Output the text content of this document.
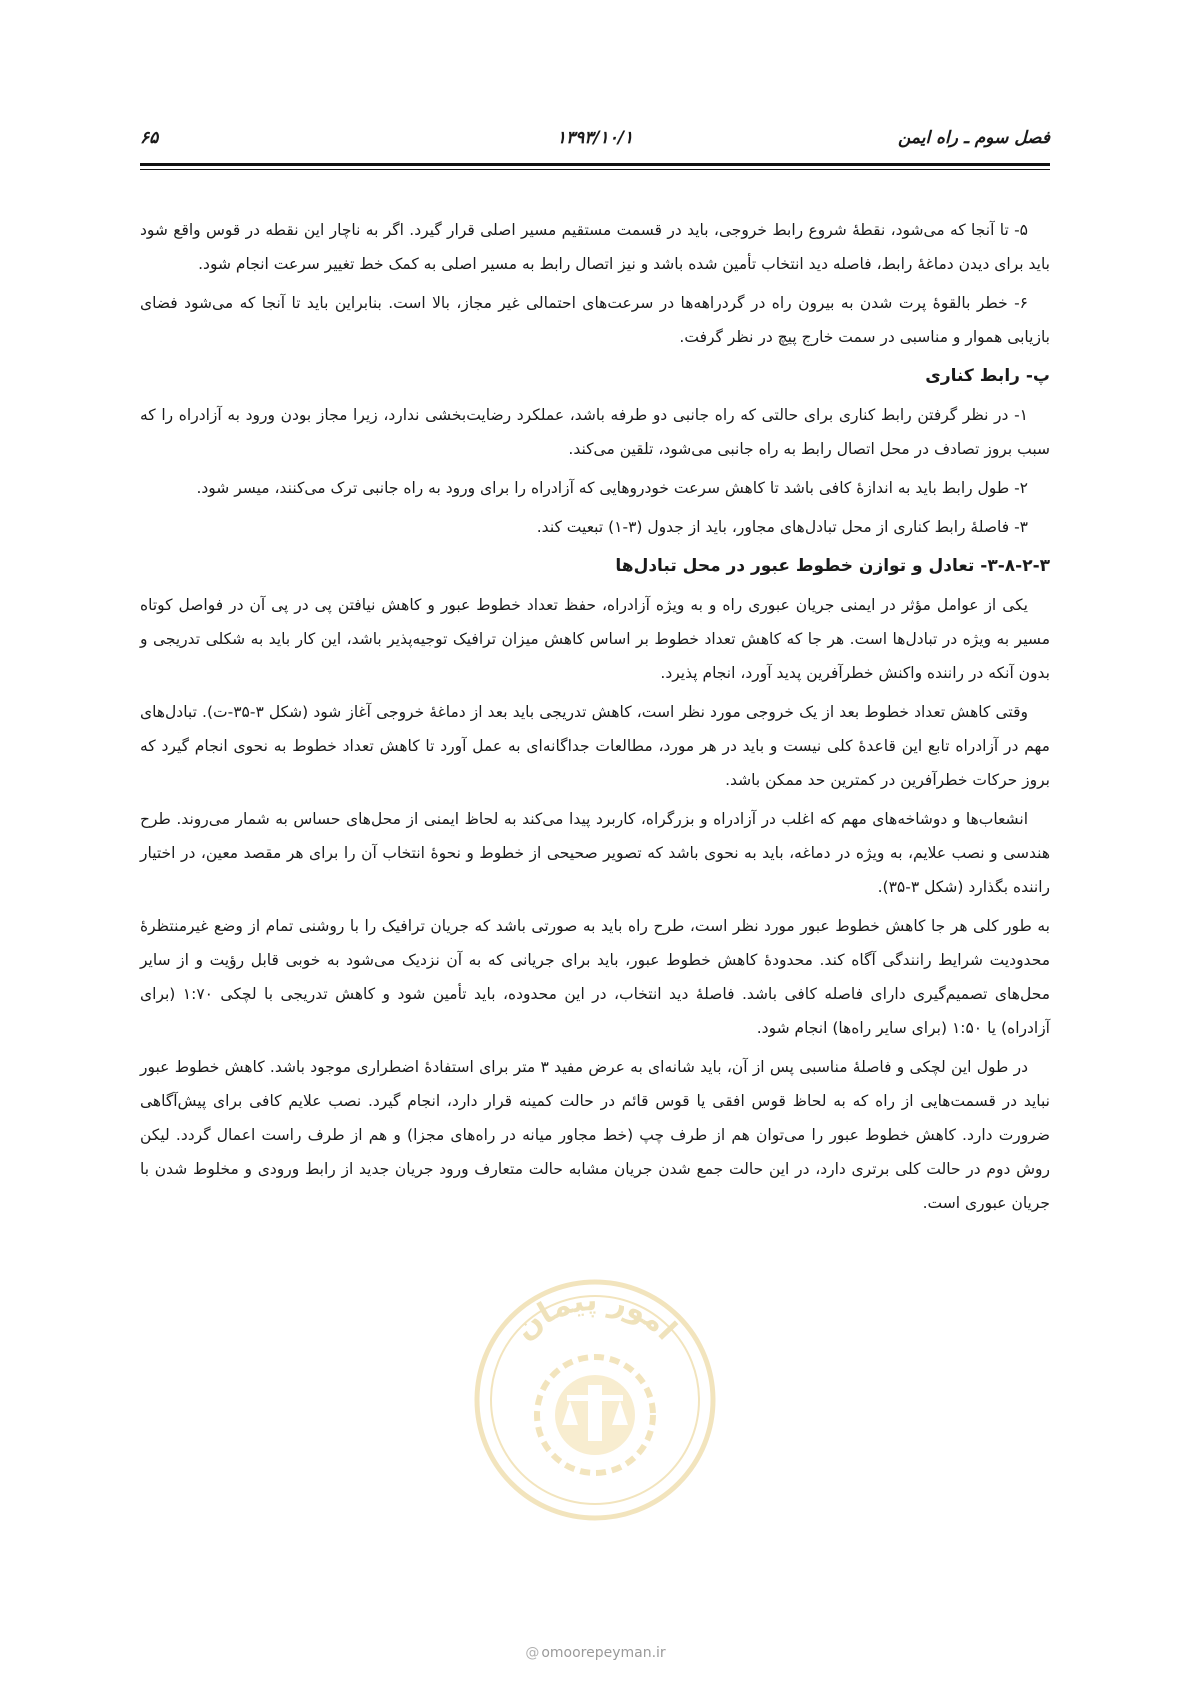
فصل سوم ـ راه ایمن
۱۳۹۳/۱۰/۱
۶۵

۵- تا آنجا که می‌شود، نقطهٔ شروع رابط خروجی، باید در قسمت مستقیم مسیر اصلی قرار گیرد. اگر به ناچار این نقطه در قوس واقع شود باید برای دیدن دماغهٔ رابط، فاصله دید انتخاب تأمین شده باشد و نیز اتصال رابط به مسیر اصلی به کمک خط تغییر سرعت انجام شود.

۶- خطر بالقوهٔ پرت شدن به بیرون راه در گردراهه‌ها در سرعت‌های احتمالی غیر مجاز، بالا است. بنابراین باید تا آنجا که می‌شود فضای بازیابی هموار و مناسبی در سمت خارج پیچ در نظر گرفت.

پ- رابط کناری

۱- در نظر گرفتن رابط کناری برای حالتی که راه جانبی دو طرفه باشد، عملکرد رضایت‌بخشی ندارد، زیرا مجاز بودن ورود به آزادراه را که سبب بروز تصادف در محل اتصال رابط به راه جانبی می‌شود، تلقین می‌کند.

۲- طول رابط باید به اندازهٔ کافی باشد تا کاهش سرعت خودروهایی که آزادراه را برای ورود به راه جانبی ترک می‌کنند، میسر شود.

۳- فاصلهٔ رابط کناری از محل تبادل‌های مجاور، باید از جدول (۳-۱) تبعیت کند.

۳-۸-۲-۳- تعادل و توازن خطوط عبور در محل تبادل‌ها

یکی از عوامل مؤثر در ایمنی جریان عبوری راه و به ویژه آزادراه، حفظ تعداد خطوط عبور و کاهش نیافتن پی در پی آن در فواصل کوتاه مسیر به ویژه در تبادل‌ها است. هر جا که کاهش تعداد خطوط بر اساس کاهش میزان ترافیک توجیه‌پذیر باشد، این کار باید به شکلی تدریجی و بدون آنکه در راننده واکنش خطرآفرین پدید آورد، انجام پذیرد.

وقتی کاهش تعداد خطوط بعد از یک خروجی مورد نظر است، کاهش تدریجی باید بعد از دماغهٔ خروجی آغاز شود (شکل ۳-۳۵-ت). تبادل‌های مهم در آزادراه تابع این قاعدهٔ کلی نیست و باید در هر مورد، مطالعات جداگانه‌ای به عمل آورد تا کاهش تعداد خطوط به نحوی انجام گیرد که بروز حرکات خطرآفرین در کمترین حد ممکن باشد.

انشعاب‌ها و دوشاخه‌های مهم که اغلب در آزادراه و بزرگراه، کاربرد پیدا می‌کند به لحاظ ایمنی از محل‌های حساس به شمار می‌روند. طرح هندسی و نصب علایم، به ویژه در دماغه، باید به نحوی باشد که تصویر صحیحی از خطوط و نحوهٔ انتخاب آن را برای هر مقصد معین، در اختیار راننده بگذارد (شکل ۳-۳۵).

به طور کلی هر جا کاهش خطوط عبور مورد نظر است، طرح راه باید به صورتی باشد که جریان ترافیک را با روشنی تمام از وضع غیرمنتظرهٔ محدودیت شرایط رانندگی آگاه کند. محدودهٔ کاهش خطوط عبور، باید برای جریانی که به آن نزدیک می‌شود به خوبی قابل رؤیت و از سایر محل‌های تصمیم‌گیری دارای فاصله کافی باشد. فاصلهٔ دید انتخاب، در این محدوده، باید تأمین شود و کاهش تدریجی با لچکی ۱:۷۰ (برای آزادراه) یا ۱:۵۰ (برای سایر راه‌ها) انجام شود.

در طول این لچکی و فاصلهٔ مناسبی پس از آن، باید شانه‌ای به عرض مفید ۳ متر برای استفادهٔ اضطراری موجود باشد. کاهش خطوط عبور نباید در قسمت‌هایی از راه که به لحاظ قوس افقی یا قوس قائم در حالت کمینه قرار دارد، انجام گیرد. نصب علایم کافی برای پیش‌آگاهی ضرورت دارد. کاهش خطوط عبور را می‌توان هم از طرف چپ (خط مجاور میانه در راه‌های مجزا) و هم از طرف راست اعمال گردد. لیکن روش دوم در حالت کلی برتری دارد، در این حالت جمع شدن جریان مشابه حالت متعارف ورود جریان جدید از رابط ورودی و مخلوط شدن با جریان عبوری است.

امور پیمان
@ omoorepeyman.ir
